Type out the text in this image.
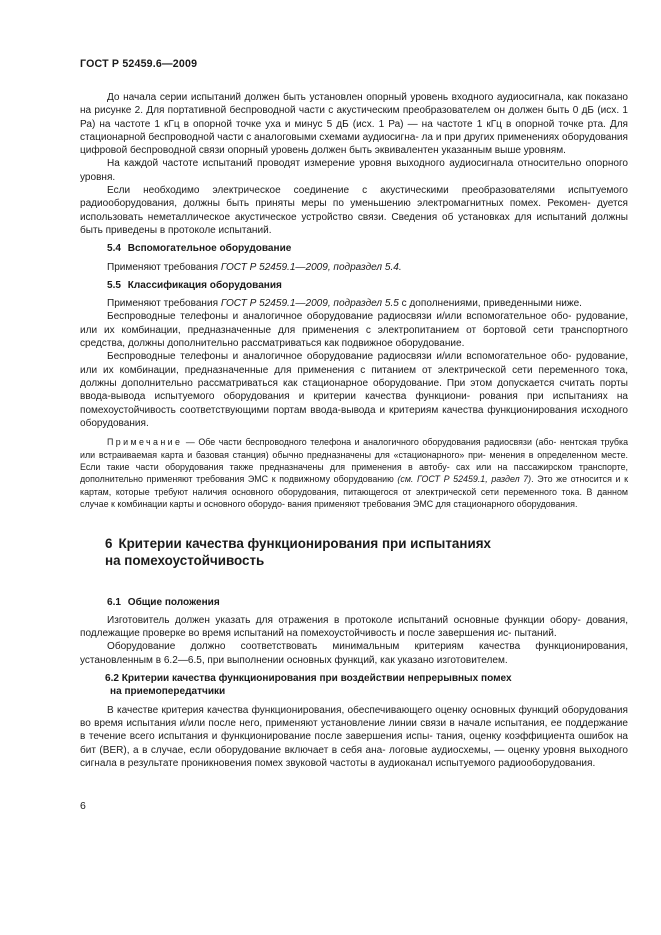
ГОСТ Р 52459.6—2009

До начала серии испытаний должен быть установлен опорный уровень входного аудиосигнала, как показано на рисунке 2. Для портативной беспроводной части с акустическим преобразователем он должен быть 0 дБ (исх. 1 Ра) на частоте 1 кГц в опорной точке уха и минус 5 дБ (исх. 1 Ра) — на частоте 1 кГц в опорной точке рта. Для стационарной беспроводной части с аналоговыми схемами аудиосигна- ла и при других применениях оборудования цифровой беспроводной связи опорный уровень должен быть эквивалентен указанным выше уровням.

На каждой частоте испытаний проводят измерение уровня выходного аудиосигнала относительно опорного уровня.

Если необходимо электрическое соединение с акустическими преобразователями испытуемого радиооборудования, должны быть приняты меры по уменьшению электромагнитных помех. Рекомен- дуется использовать неметаллическое акустическое устройство связи. Сведения об установках для испытаний должны быть приведены в протоколе испытаний.

5.4 Вспомогательное оборудование

Применяют требования ГОСТ Р 52459.1—2009, подраздел 5.4.

5.5 Классификация оборудования

Применяют требования ГОСТ Р 52459.1—2009, подраздел 5.5 с дополнениями, приведенными ниже.

Беспроводные телефоны и аналогичное оборудование радиосвязи и/или вспомогательное обо- рудование, или их комбинации, предназначенные для применения с электропитанием от бортовой сети транспортного средства, должны дополнительно рассматриваться как подвижное оборудование.

Беспроводные телефоны и аналогичное оборудование радиосвязи и/или вспомогательное обо- рудование, или их комбинации, предназначенные для применения с питанием от электрической сети переменного тока, должны дополнительно рассматриваться как стационарное оборудование. При этом допускается считать порты ввода-вывода испытуемого оборудования и критерии качества функциони- рования при испытаниях на помехоустойчивость соответствующими портам ввода-вывода и критериям качества функционирования исходного оборудования.

Примечание — Обе части беспроводного телефона и аналогичного оборудования радиосвязи (або- нентская трубка или встраиваемая карта и базовая станция) обычно предназначены для «стационарного» при- менения в определенном месте. Если такие части оборудования также предназначены для применения в автобу- сах или на пассажирском транспорте, дополнительно применяют требования ЭМС к подвижному оборудованию (см. ГОСТ Р 52459.1, раздел 7). Это же относится и к картам, которые требуют наличия основного оборудования, питающегося от электрической сети переменного тока. В данном случае к комбинации карты и основного оборудо- вания применяют требования ЭМС для стационарного оборудования.

6 Критерии качества функционирования при испытаниях
на помехоустойчивость

6.1 Общие положения

Изготовитель должен указать для отражения в протоколе испытаний основные функции обору- дования, подлежащие проверке во время испытаний на помехоустойчивость и после завершения ис- пытаний.

Оборудование должно соответствовать минимальным критериям качества функционирования, установленным в 6.2—6.5, при выполнении основных функций, как указано изготовителем.

6.2 Критерии качества функционирования при воздействии непрерывных помех
на приемопередатчики

В качестве критерия качества функционирования, обеспечивающего оценку основных функций оборудования во время испытания и/или после него, применяют установление линии связи в начале испытания, ее поддержание в течение всего испытания и функционирование после завершения испы- тания, оценку коэффициента ошибок на бит (BER), а в случае, если оборудование включает в себя ана- логовые аудиосхемы, — оценку уровня выходного сигнала в результате проникновения помех звуковой частоты в аудиоканал испытуемого радиооборудования.

6
